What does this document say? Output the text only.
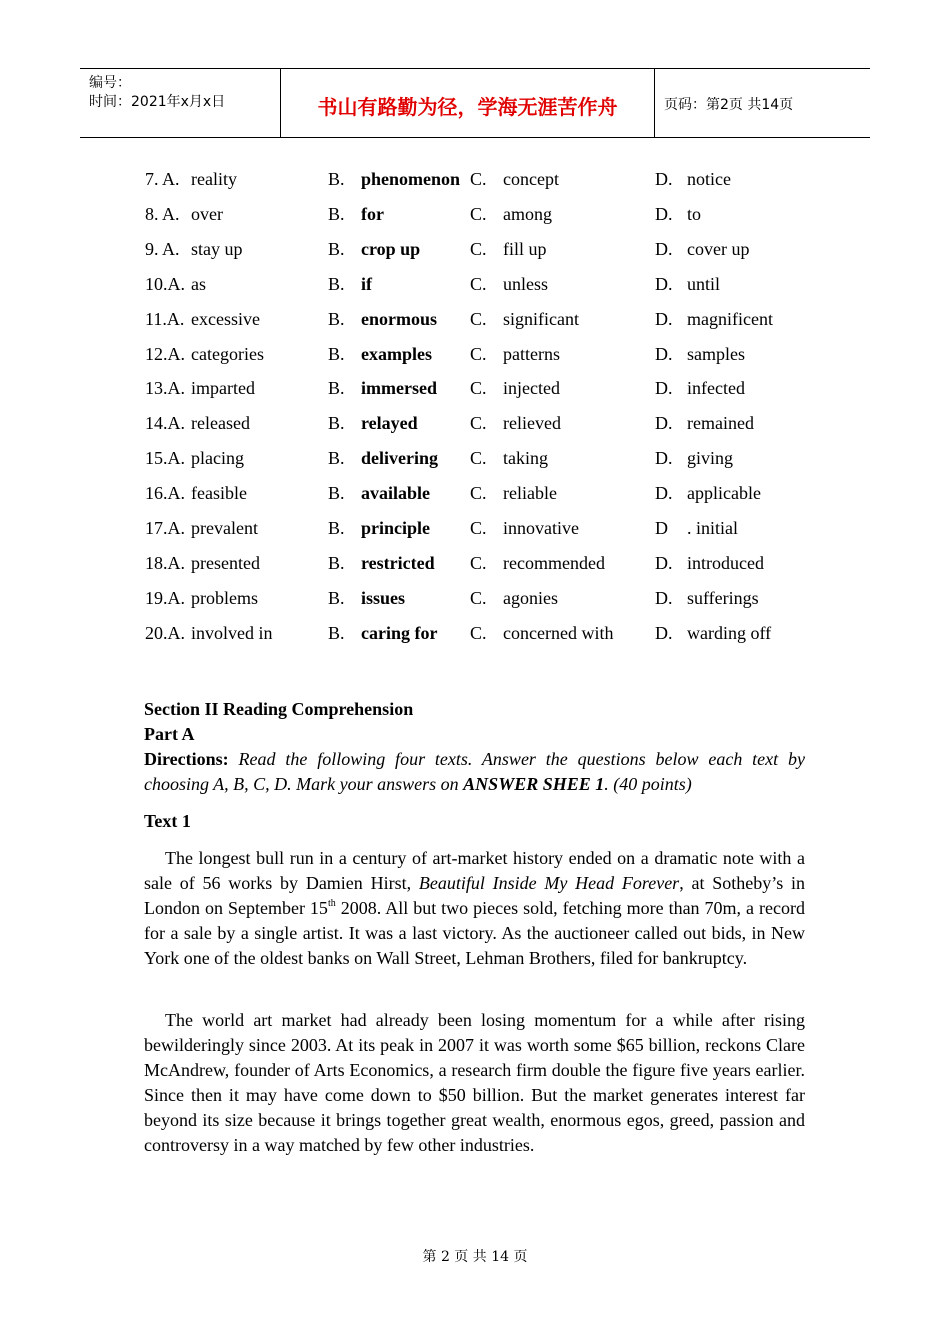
编号：
时间：2021年x月x日	书山有路勤为径，学海无涯苦作舟	页码：第2页 共14页
7. A. reality	B. phenomenon C. concept	D. notice
8. A. over	B. for	C. among	D. to
9. A. stay up	B. crop up	C. fill up	D. cover up
10.A. as	B. if	C. unless	D. until
11.A. excessive	B. enormous C. significant	D. magnificent
12.A. categories	B. examples C. patterns	D. samples
13.A. imparted	B. immersed C. injected	D. infected
14.A. released	B. relayed	C. relieved	D. remained
15.A. placing	B. delivering C. taking	D. giving
16.A. feasible	B. available C. reliable	D. applicable
17.A. prevalent	B. principle C. innovative	D . initial
18.A. presented	B. restricted C. recommended	D. introduced
19.A. problems	B. issues	C. agonies	D. sufferings
20.A. involved in	B. caring for C. concerned with D. warding off
Section II Reading Comprehension
Part A
Directions: Read the following four texts. Answer the questions below each text by choosing A, B, C, D. Mark your answers on ANSWER SHEE 1. (40 points)
Text 1
The longest bull run in a century of art-market history ended on a dramatic note with a sale of 56 works by Damien Hirst, Beautiful Inside My Head Forever, at Sotheby’s in London on September 15th 2008. All but two pieces sold, fetching more than 70m, a record for a sale by a single artist. It was a last victory. As the auctioneer called out bids, in New York one of the oldest banks on Wall Street, Lehman Brothers, filed for bankruptcy.
The world art market had already been losing momentum for a while after rising bewilderingly since 2003. At its peak in 2007 it was worth some $65 billion, reckons Clare McAndrew, founder of Arts Economics, a research firm double the figure five years earlier. Since then it may have come down to $50 billion. But the market generates interest far beyond its size because it brings together great wealth, enormous egos, greed, passion and controversy in a way matched by few other industries.
第 2 页 共 14 页
